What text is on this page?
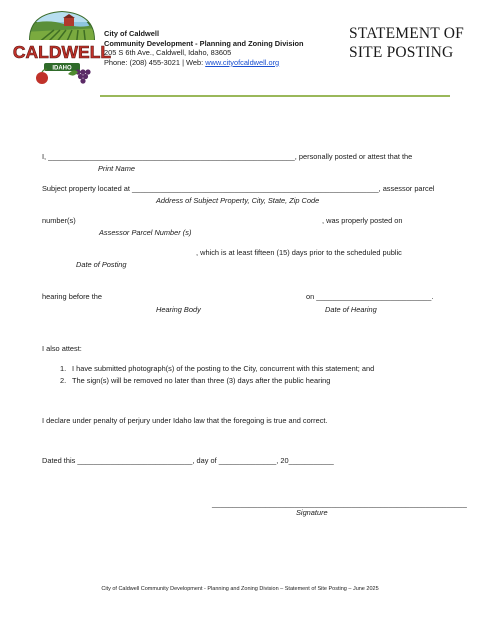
CALDWELL
IDAHO
City of Caldwell
Community Development - Planning and Zoning Division
205 S 6th Ave., Caldwell, Idaho, 83605
Phone: (208) 455-3021 | Web: www.cityofcaldwell.org
STATEMENT OF
SITE POSTING
I, ____________________________________________________________, personally posted or attest that the
Print Name
Subject property located at ____________________________________________________________, assessor parcel
Address of Subject Property, City, State, Zip Code
number(s)	, was properly posted on
Assessor Parcel Number (s)
, which is at least fifteen (15) days prior to the scheduled public
Date of Posting
hearing before the	on ____________________________.
Hearing Body	Date of Hearing
I also attest:
1. I have submitted photograph(s) of the posting to the City, concurrent with this statement; and
2. The sign(s) will be removed no later than three (3) days after the public hearing
I declare under penalty of perjury under Idaho law that the foregoing is true and correct.
Dated this ____________________________, day of ______________, 20___________
______________________________________________________________
Signature
City of Caldwell Community Development - Planning and Zoning Division – Statement of Site Posting – June 2025
